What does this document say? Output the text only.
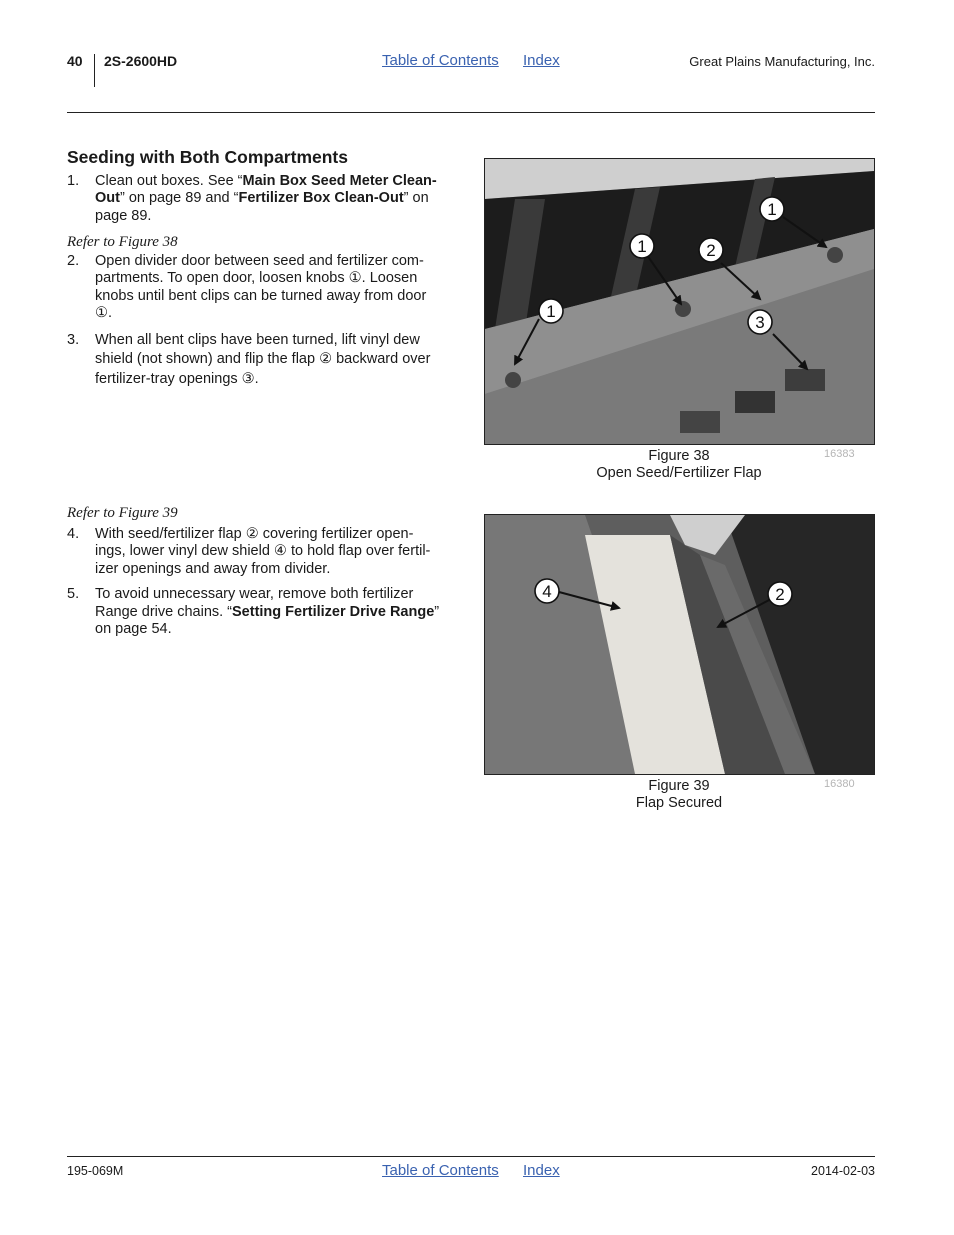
40 2S-2600HD	Table of Contents Index	Great Plains Manufacturing, Inc.
Seeding with Both Compartments
1. Clean out boxes. See “Main Box Seed Meter Clean-Out” on page 89 and “Fertilizer Box Clean-Out” on page 89.
Refer to Figure 38
2. Open divider door between seed and fertilizer com-
partments. To open door, loosen knobs ①. Loosen
knobs until bent clips can be turned away from door
①.
3. When all bent clips have been turned, lift vinyl dew
shield (not shown) and flip the flap ② backward over
fertilizer-tray openings ③.
Refer to Figure 39
4. With seed/fertilizer flap ② covering fertilizer open-
ings, lower vinyl dew shield ④ to hold flap over fertil-
izer openings and away from divider.
5. To avoid unnecessary wear, remove both fertilizer Range drive chains. “Setting Fertilizer Drive Range” on page 54.
1
1	2
1
3
Figure 38
Open Seed/Fertilizer Flap
16383
4	2
Figure 39
Flap Secured
16380
195-069M	Table of Contents Index	2014-02-03
